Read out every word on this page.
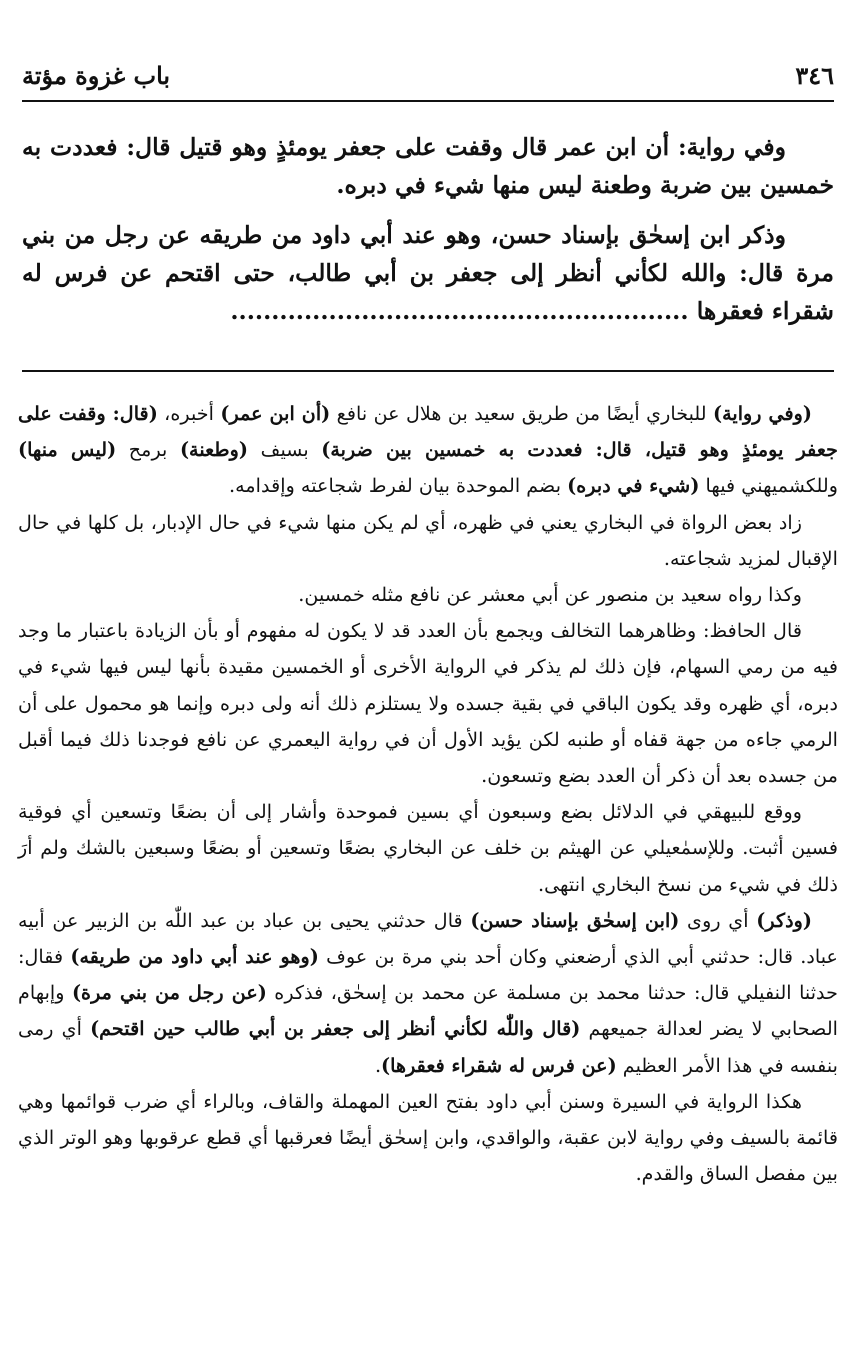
٣٤٦
باب غزوة مؤتة

وفي رواية: أن ابن عمر قال وقفت على جعفر يومئذٍ وهو قتيل قال: فعددت به خمسين بين ضربة وطعنة ليس منها شيء في دبره.

وذكر ابن إسحٰق بإسناد حسن، وهو عند أبي داود من طريقه عن رجل من بني مرة قال: والله لكأني أنظر إلى جعفر بن أبي طالب، حتى اقتحم عن فرس له شقراء فعقرها ........................................................

(وفي رواية) للبخاري أيضًا من طريق سعيد بن هلال عن نافع (أن ابن عمر) أخبره، (قال: وقفت على جعفر يومئذٍ وهو قتيل، قال: فعددت به خمسين بين ضربة) بسيف (وطعنة) برمح (ليس منها) وللكشميهني فيها (شيء في دبره) بضم الموحدة بيان لفرط شجاعته وإقدامه.

زاد بعض الرواة في البخاري يعني في ظهره، أي لم يكن منها شيء في حال الإدبار، بل كلها في حال الإقبال لمزيد شجاعته.

وكذا رواه سعيد بن منصور عن أبي معشر عن نافع مثله خمسين.

قال الحافظ: وظاهرهما التخالف ويجمع بأن العدد قد لا يكون له مفهوم أو بأن الزيادة باعتبار ما وجد فيه من رمي السهام، فإن ذلك لم يذكر في الرواية الأخرى أو الخمسين مقيدة بأنها ليس فيها شيء في دبره، أي ظهره وقد يكون الباقي في بقية جسده ولا يستلزم ذلك أنه ولى دبره وإنما هو محمول على أن الرمي جاءه من جهة قفاه أو طنبه لكن يؤيد الأول أن في رواية اليعمري عن نافع فوجدنا ذلك فيما أقبل من جسده بعد أن ذكر أن العدد بضع وتسعون.

ووقع للبيهقي في الدلائل بضع وسبعون أي بسين فموحدة وأشار إلى أن بضعًا وتسعين أي فوقية فسين أثبت. وللإسمٰعيلي عن الهيثم بن خلف عن البخاري بضعًا وتسعين أو بضعًا وسبعين بالشك ولم أرَ ذلك في شيء من نسخ البخاري انتهى.

(وذكر) أي روى (ابن إسحٰق بإسناد حسن) قال حدثني يحيى بن عباد بن عبد اللّٰه بن الزبير عن أبيه عباد. قال: حدثني أبي الذي أرضعني وكان أحد بني مرة بن عوف (وهو عند أبي داود من طريقه) فقال: حدثنا النفيلي قال: حدثنا محمد بن مسلمة عن محمد بن إسحٰق، فذكره (عن رجل من بني مرة) وإبهام الصحابي لا يضر لعدالة جميعهم (قال واللّٰه لكأني أنظر إلى جعفر بن أبي طالب حين اقتحم) أي رمى بنفسه في هذا الأمر العظيم (عن فرس له شقراء فعقرها).

هكذا الرواية في السيرة وسنن أبي داود بفتح العين المهملة والقاف، وبالراء أي ضرب قوائمها وهي قائمة بالسيف وفي رواية لابن عقبة، والواقدي، وابن إسحٰق أيضًا فعرقبها أي قطع عرقوبها وهو الوتر الذي بين مفصل الساق والقدم.
